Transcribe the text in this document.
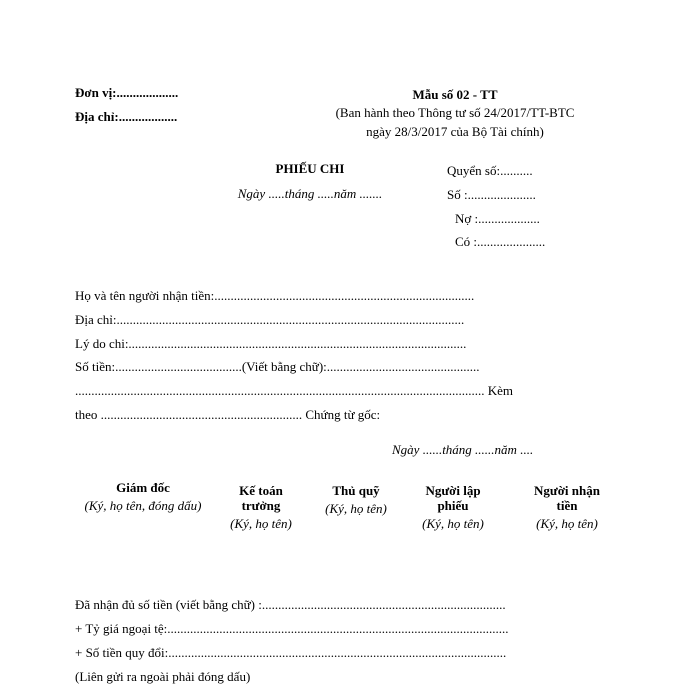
Đơn vị:...................
Địa chỉ:..................
Mẫu số 02 - TT
(Ban hành theo Thông tư số 24/2017/TT-BTC
ngày 28/3/2017 của Bộ Tài chính)
PHIẾU CHI
Ngày .....tháng .....năm .......
Quyển số:..........
Số :.....................
Nợ :...................
Có :.....................
Họ và tên người nhận tiền:................................................................................
Địa chỉ:...........................................................................................................
Lý do chi:........................................................................................................
Số tiền:.......................................(Viết bằng chữ):...............................................
.............................................................................................................................. Kèm
theo .............................................................. Chứng từ gốc:
Ngày ......tháng ......năm ....
Giám đốc
(Ký, họ tên, đóng dấu)
Kế toán trưởng
(Ký, họ tên)
Thủ quỹ
(Ký, họ tên)
Người lập phiếu
(Ký, họ tên)
Người nhận tiền
(Ký, họ tên)
Đã nhận đủ số tiền (viết bằng chữ) :...........................................................................
+ Tỷ giá ngoại tệ:.........................................................................................................
+ Số tiền quy đổi:........................................................................................................
(Liên gửi ra ngoài phải đóng dấu)
